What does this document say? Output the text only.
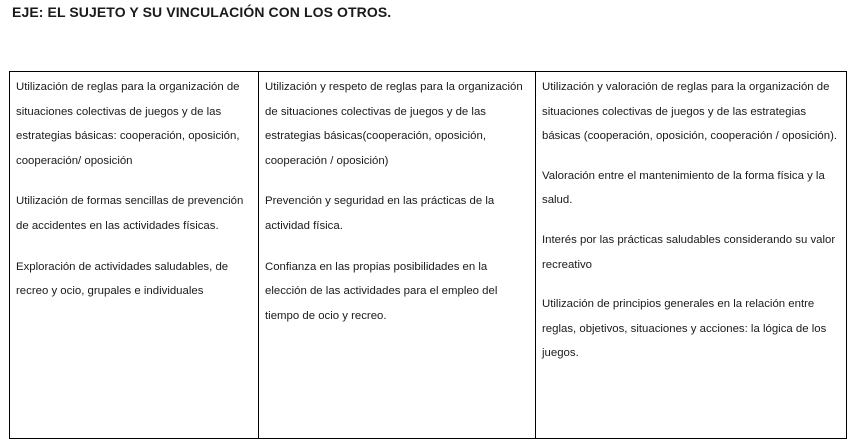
EJE: EL SUJETO Y SU VINCULACIÓN CON LOS OTROS.

Utilización de reglas para la organización de situaciones colectivas de juegos y de las estrategias básicas: cooperación, oposición, cooperación/ oposición

Utilización de formas sencillas de prevención de accidentes en las actividades físicas.

Exploración de actividades saludables, de recreo y ocio, grupales e individuales

Utilización y respeto de reglas para la organización de situaciones colectivas de juegos y de las estrategias básicas(cooperación, oposición, cooperación / oposición)

Prevención y seguridad en las prácticas de la actividad física.

Confianza en las propias posibilidades en la elección de las actividades para el empleo del tiempo de ocio y recreo.

Utilización y valoración de reglas para la organización de situaciones colectivas de juegos y de las estrategias básicas (cooperación, oposición, cooperación / oposición).

Valoración entre el mantenimiento de la forma física y la salud.

Interés por las prácticas saludables considerando su valor recreativo

Utilización de principios generales en la relación entre reglas, objetivos, situaciones y acciones: la lógica de los juegos.
